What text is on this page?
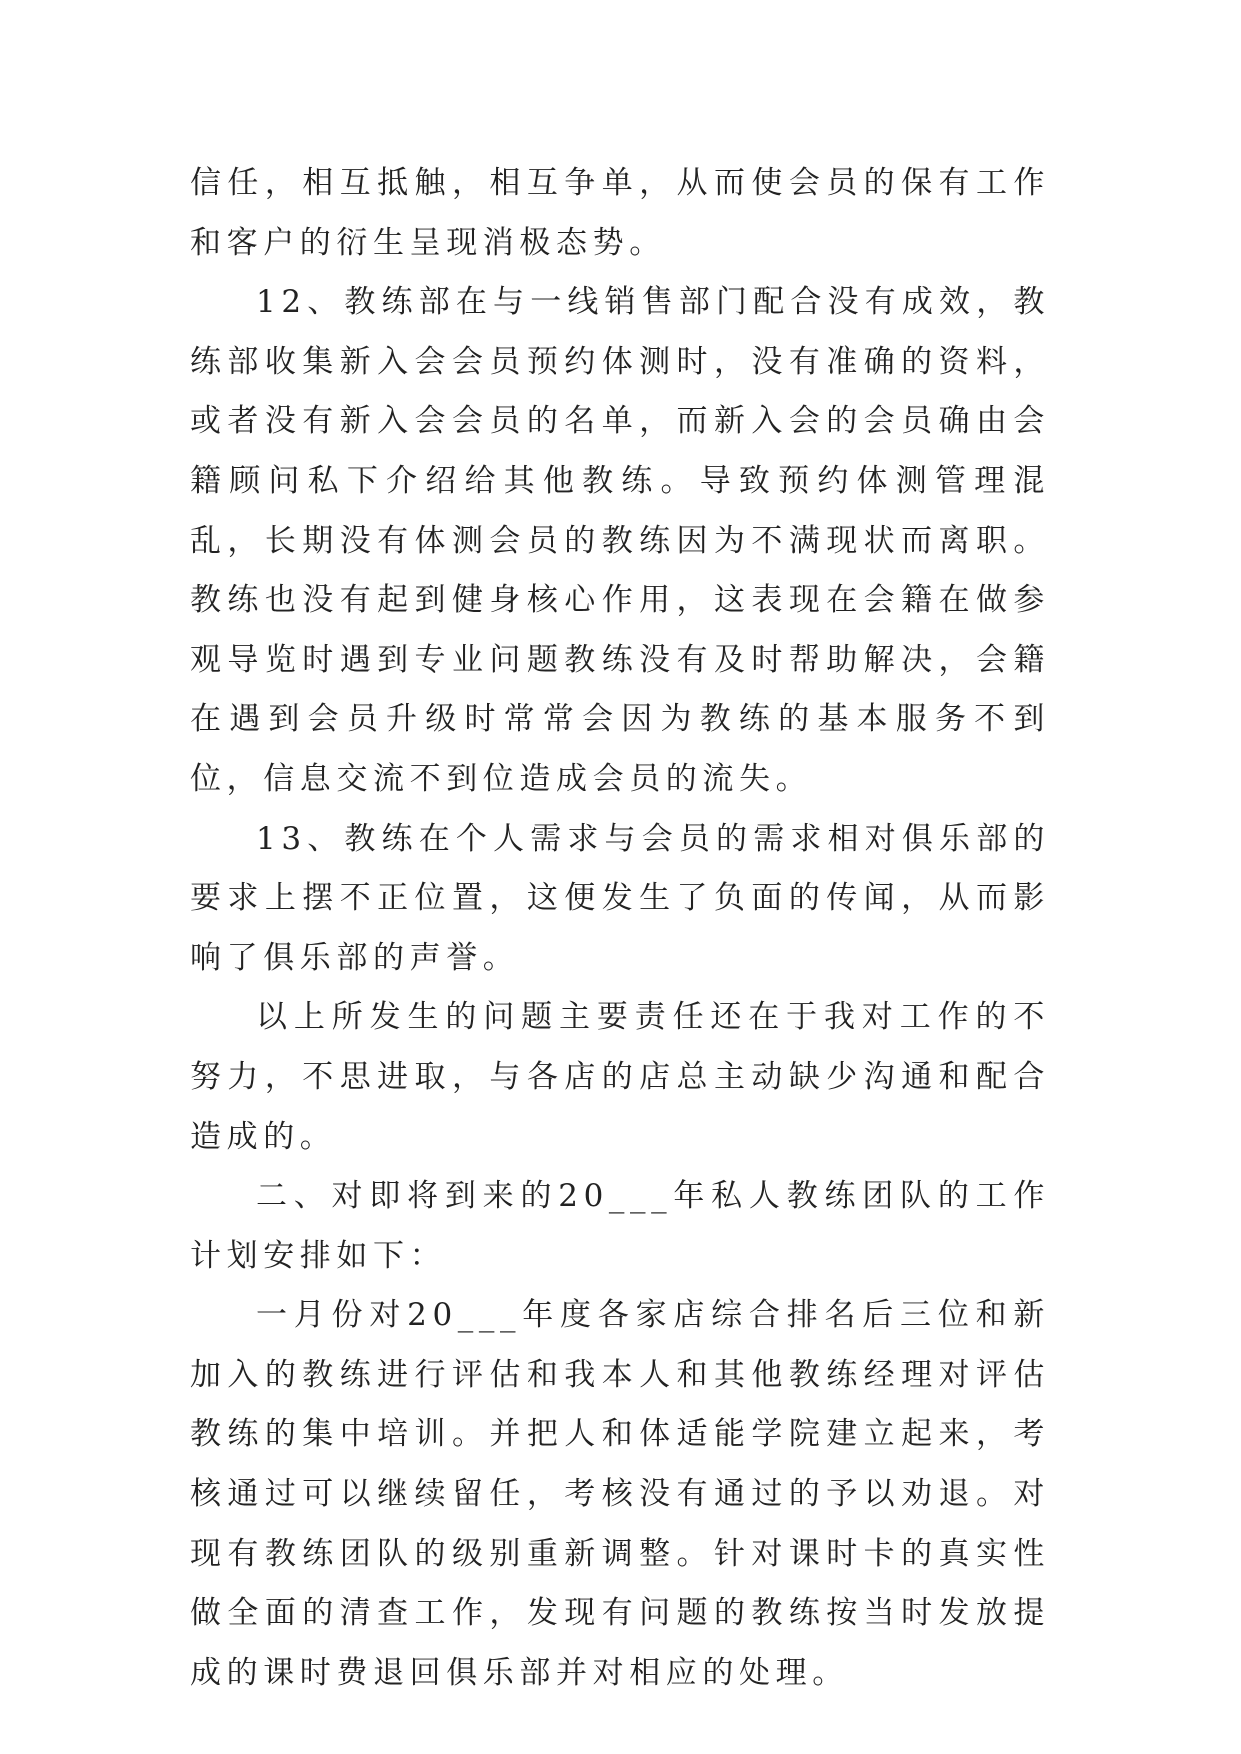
信任，相互抵触，相互争单，从而使会员的保有工作和客户的衍生呈现消极态势。

12、教练部在与一线销售部门配合没有成效，教练部收集新入会会员预约体测时，没有准确的资料，或者没有新入会会员的名单，而新入会的会员确由会籍顾问私下介绍给其他教练。导致预约体测管理混乱，长期没有体测会员的教练因为不满现状而离职。教练也没有起到健身核心作用，这表现在会籍在做参观导览时遇到专业问题教练没有及时帮助解决，会籍在遇到会员升级时常常会因为教练的基本服务不到位，信息交流不到位造成会员的流失。

13、教练在个人需求与会员的需求相对俱乐部的要求上摆不正位置，这便发生了负面的传闻，从而影响了俱乐部的声誉。

以上所发生的问题主要责任还在于我对工作的不努力，不思进取，与各店的店总主动缺少沟通和配合造成的。

二、对即将到来的20___年私人教练团队的工作计划安排如下：

一月份对20___年度各家店综合排名后三位和新加入的教练进行评估和我本人和其他教练经理对评估教练的集中培训。并把人和体适能学院建立起来，考核通过可以继续留任，考核没有通过的予以劝退。对现有教练团队的级别重新调整。针对课时卡的真实性做全面的清查工作，发现有问题的教练按当时发放提成的课时费退回俱乐部并对相应的处理。
